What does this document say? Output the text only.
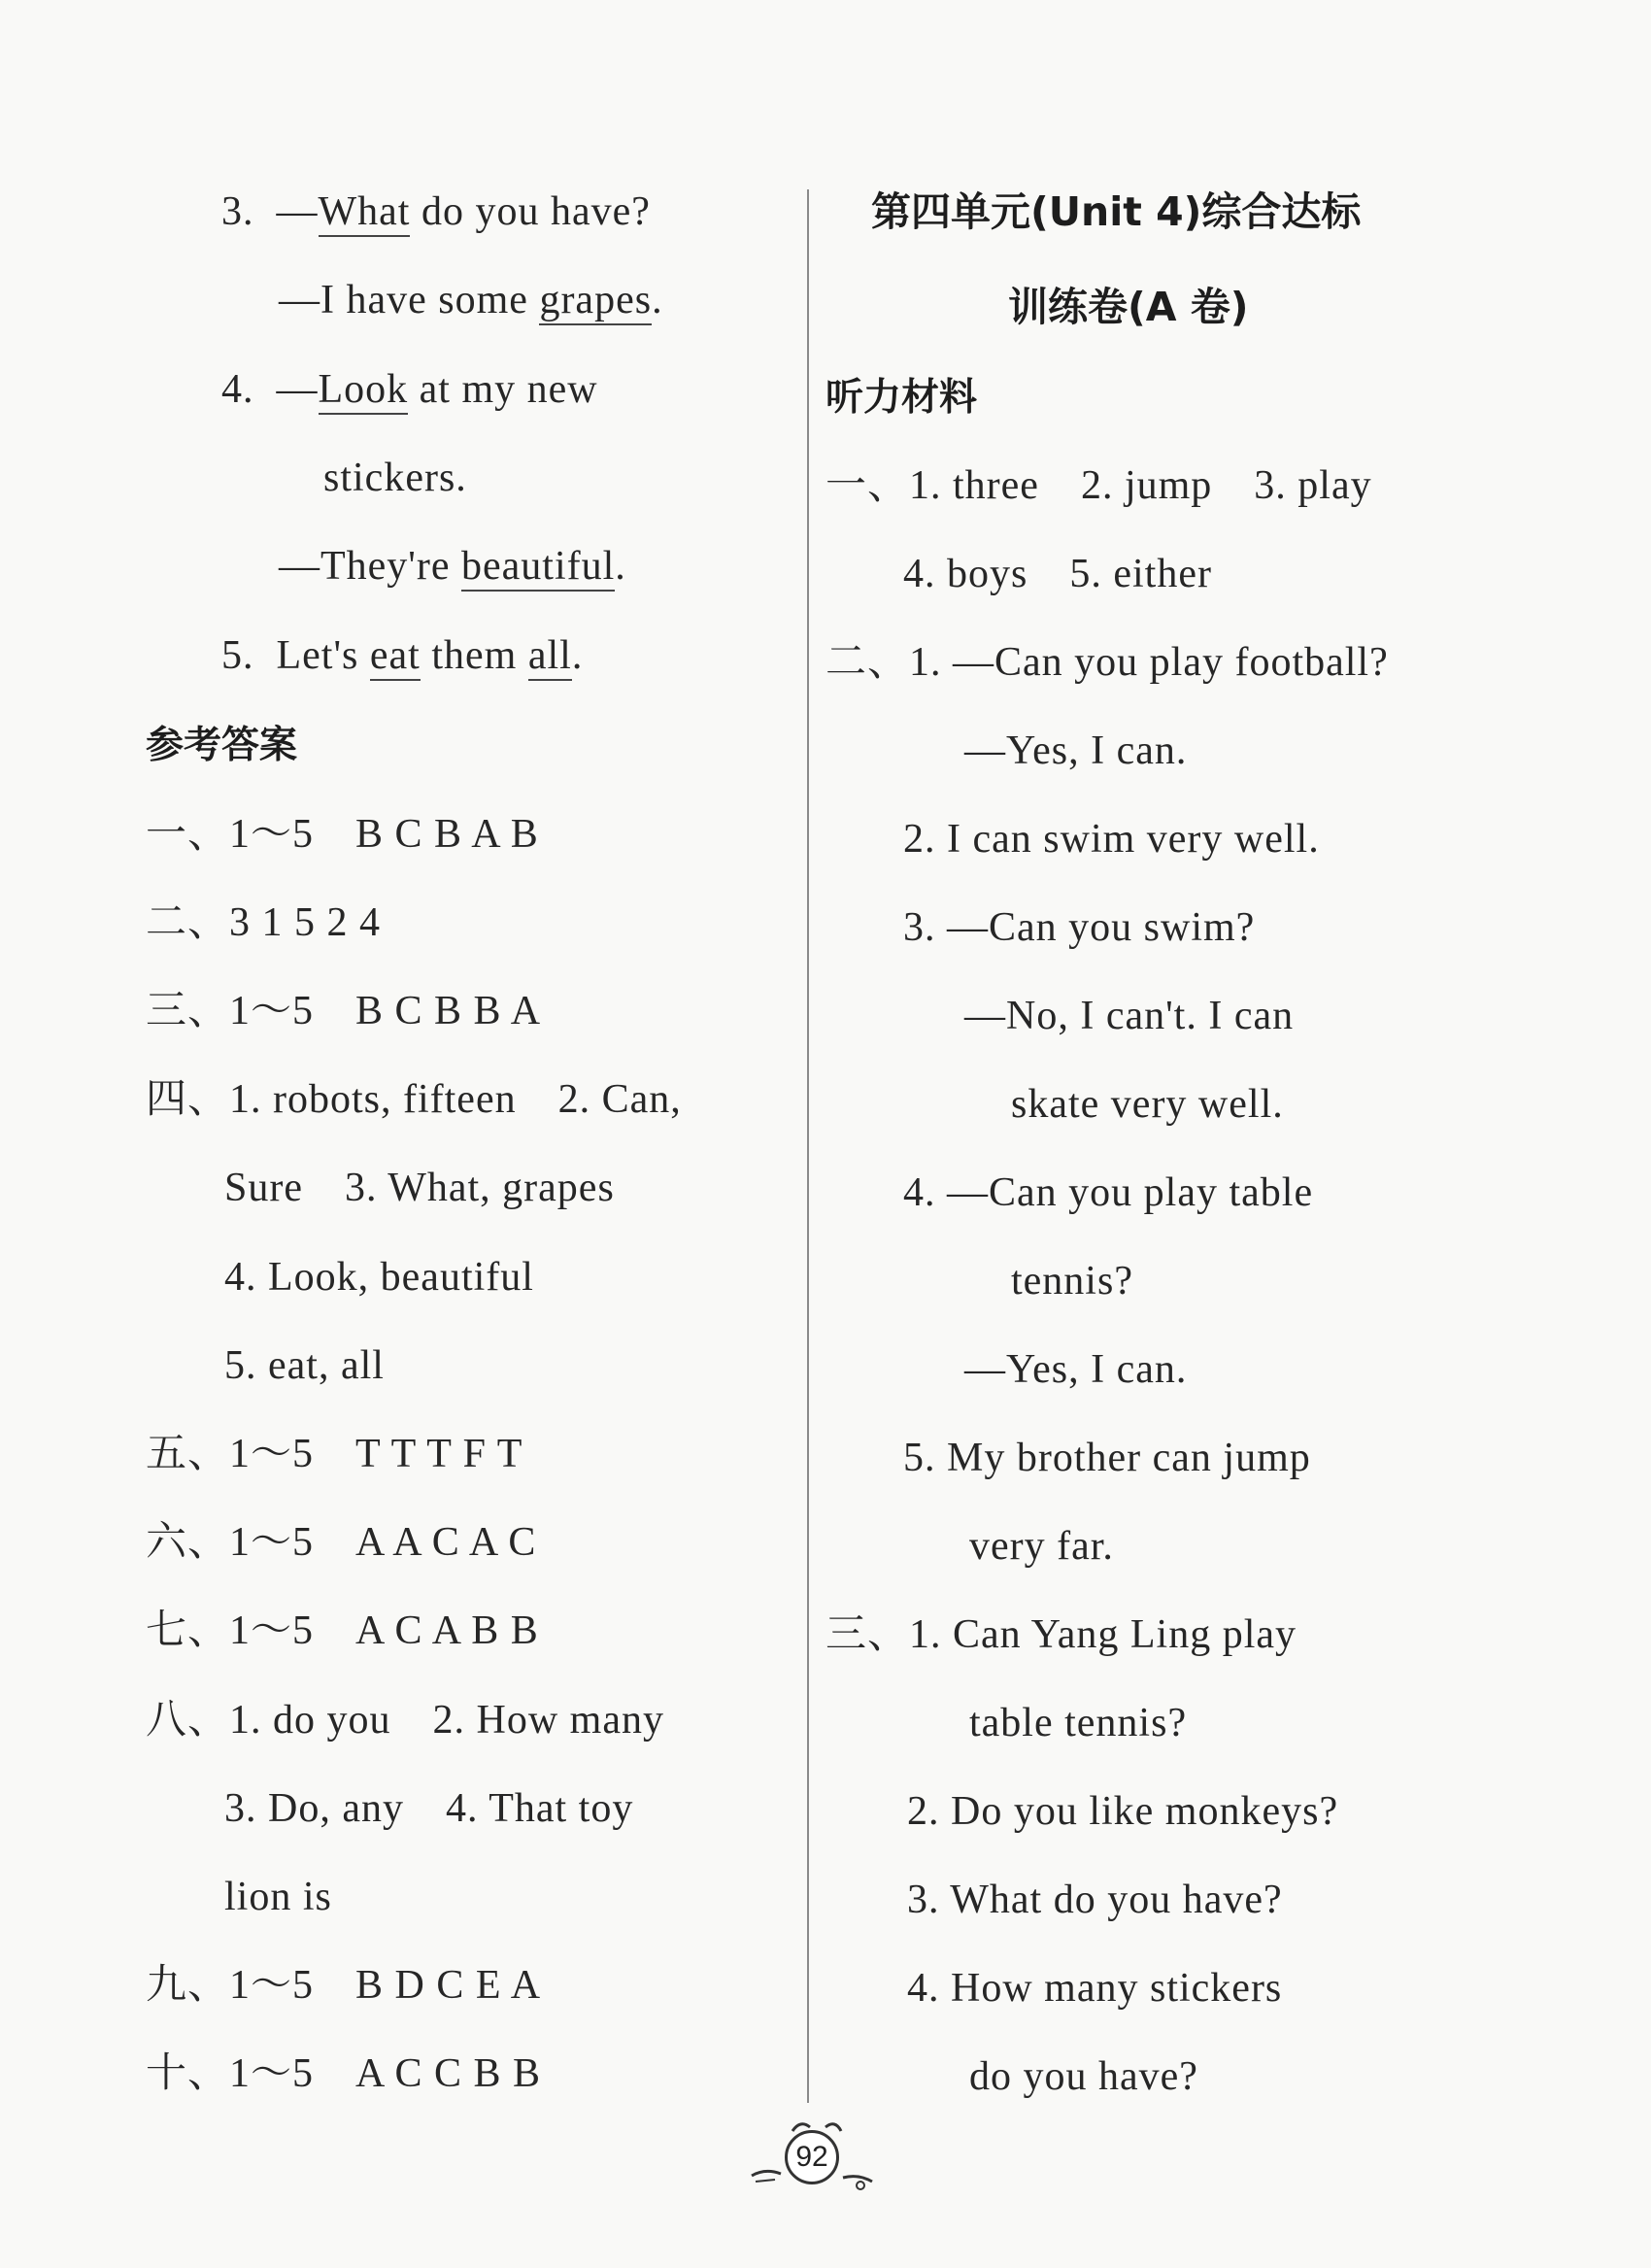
3. —What do you have?
—I have some grapes.
4. —Look at my new
stickers.
—They're beautiful.
5. Let's eat them all.
参考答案
一、1～5　B C B A B
二、3 1 5 2 4
三、1～5　B C B B A
四、1. robots, fifteen　2. Can,
Sure　3. What, grapes
4. Look, beautiful
5. eat, all
五、1～5　T T T F T
六、1～5　A A C A C
七、1～5　A C A B B
八、1. do you　2. How many
3. Do, any　4. That toy
lion is
九、1～5　B D C E A
十、1～5　A C C B B
第四单元(Unit 4)综合达标
训练卷(A 卷)
听力材料
一、1. three　2. jump　3. play
4. boys　5. either
二、1. —Can you play football?
—Yes, I can.
2. I can swim very well.
3. —Can you swim?
—No, I can't. I can
skate very well.
4. —Can you play table
tennis?
—Yes, I can.
5. My brother can jump
very far.
三、1. Can Yang Ling play
table tennis?
2. Do you like monkeys?
3. What do you have?
4. How many stickers
do you have?
92
